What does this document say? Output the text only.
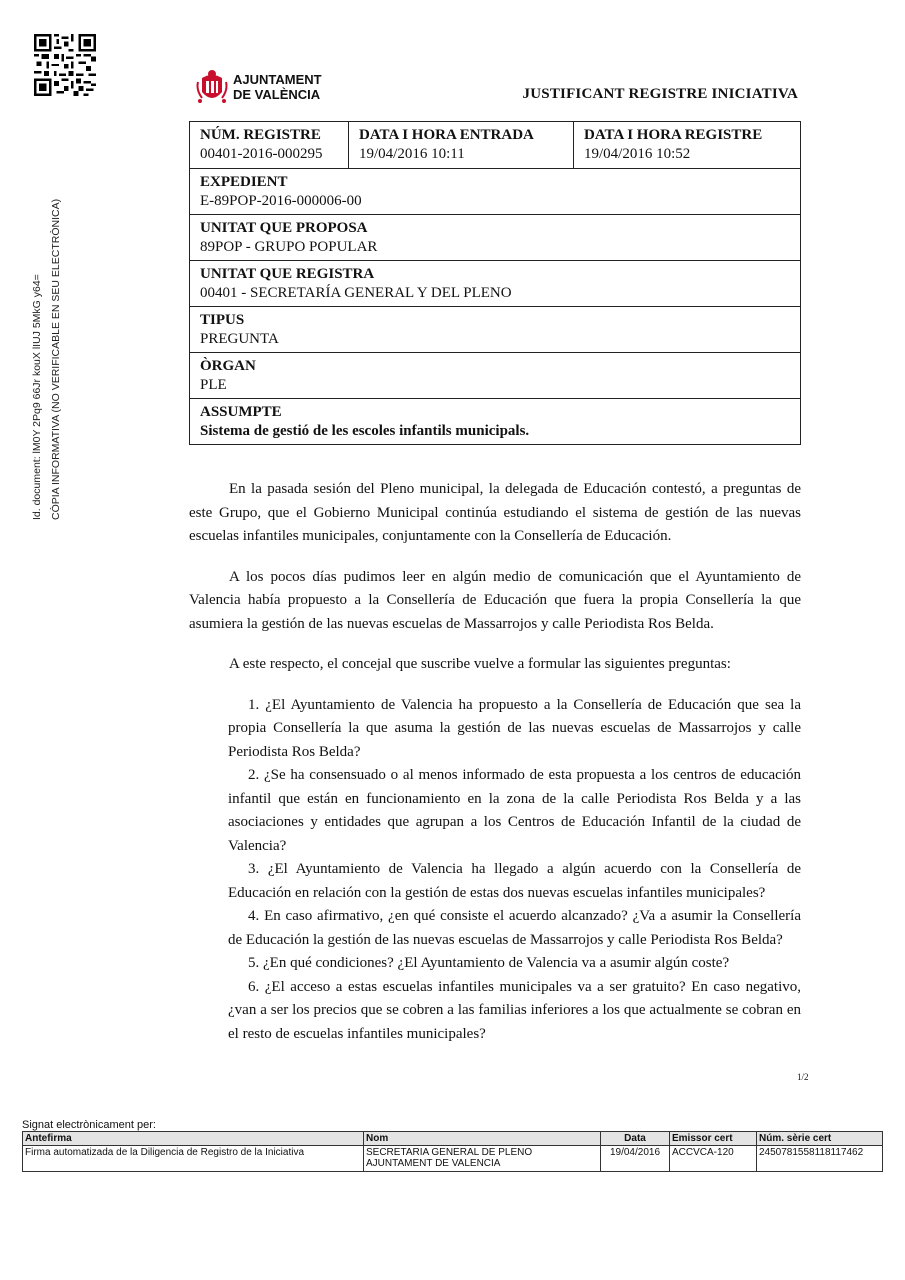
AJUNTAMENT
DE VALÈNCIA	JUSTIFICANT REGISTRE INICIATIVA
Id. document: lM0Y 2Pq9 66Jr kouX lIUJ 5MkG y64= CÒPIA INFORMATIVA (NO VERIFICABLE EN SEU ELECTRÒNICA)
NÚM. REGISTRE
00401-2016-000295
DATA I HORA ENTRADA
19/04/2016 10:11
DATA I HORA REGISTRE
19/04/2016 10:52
EXPEDIENT
E-89POP-2016-000006-00
UNITAT QUE PROPOSA
89POP - GRUPO POPULAR
UNITAT QUE REGISTRA
00401 - SECRETARÍA GENERAL Y DEL PLENO
TIPUS
PREGUNTA
ÒRGAN
PLE
ASSUMPTE
Sistema de gestió de les escoles infantils municipals.

En la pasada sesión del Pleno municipal, la delegada de Educación contestó, a preguntas de este Grupo, que el Gobierno Municipal continúa estudiando el sistema de gestión de las nuevas escuelas infantiles municipales, conjuntamente con la Consellería de Educación.

A los pocos días pudimos leer en algún medio de comunicación que el Ayuntamiento de Valencia había propuesto a la Consellería de Educación que fuera la propia Consellería la que asumiera la gestión de las nuevas escuelas de Massarrojos y calle Periodista Ros Belda.

A este respecto, el concejal que suscribe vuelve a formular las siguientes preguntas:

1. ¿El Ayuntamiento de Valencia ha propuesto a la Consellería de Educación que sea la propia Consellería la que asuma la gestión de las nuevas escuelas de Massarrojos y calle Periodista Ros Belda?
2. ¿Se ha consensuado o al menos informado de esta propuesta a los centros de educación infantil que están en funcionamiento en la zona de la calle Periodista Ros Belda y a las asociaciones y entidades que agrupan a los Centros de Educación Infantil de la ciudad de Valencia?
3. ¿El Ayuntamiento de Valencia ha llegado a algún acuerdo con la Consellería de Educación en relación con la gestión de estas dos nuevas escuelas infantiles municipales?
4. En caso afirmativo, ¿en qué consiste el acuerdo alcanzado? ¿Va a asumir la Consellería de Educación la gestión de las nuevas escuelas de Massarrojos y calle Periodista Ros Belda?
5. ¿En qué condiciones? ¿El Ayuntamiento de Valencia va a asumir algún coste?
6. ¿El acceso a estas escuelas infantiles municipales va a ser gratuito? En caso negativo, ¿van a ser los precios que se cobren a las familias inferiores a los que actualmente se cobran en el resto de escuelas infantiles municipales?
1/2
Signat electrònicament per:
Antefirma	Nom	Data	Emissor cert	Núm. sèrie cert
Firma automatizada de la Diligencia de Registro de la Iniciativa	SECRETARIA GENERAL DE PLENO
AJUNTAMENT DE VALENCIA	19/04/2016	ACCVCA-120	2450781558118117462
